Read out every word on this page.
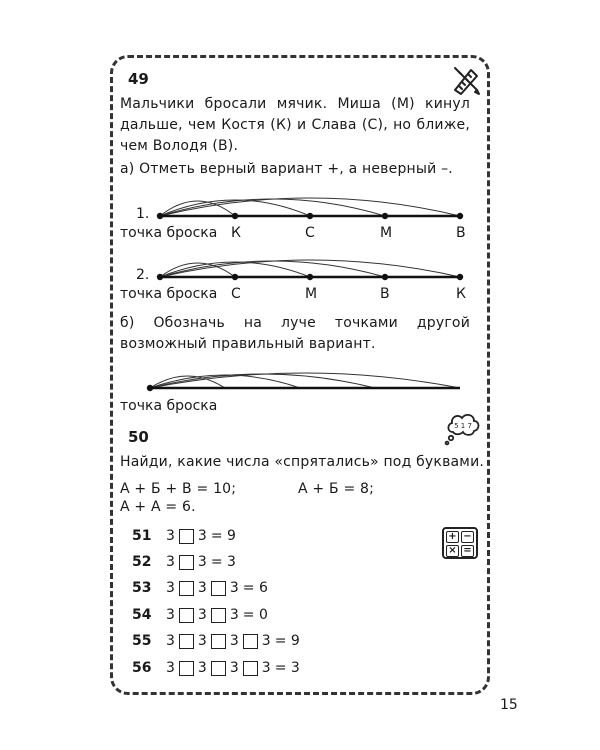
49
Мальчики бросали мячик. Миша (М) кинул дальше, чем Костя (К) и Слава (С), но ближе, чем Володя (В).
а) Отметь верный вариант +, а неверный –.
1.
точка броска К	С	М	В
2.
точка броска С	М	В	К
б) Обозначь на луче точками другой возможный правильный вариант.
точка броска
50
5 1 7
Найди, какие числа «спрятались» под буквами.
А + Б + В = 10;	А + Б = 8;
А + А = 6.
+ −
× =
51	3 3 = 9
52	3 3 = 3
53	3 3 3 = 6
54	3 3 3 = 0
55	3 3 3 3 = 9
56	3 3 3 3 = 3
15
